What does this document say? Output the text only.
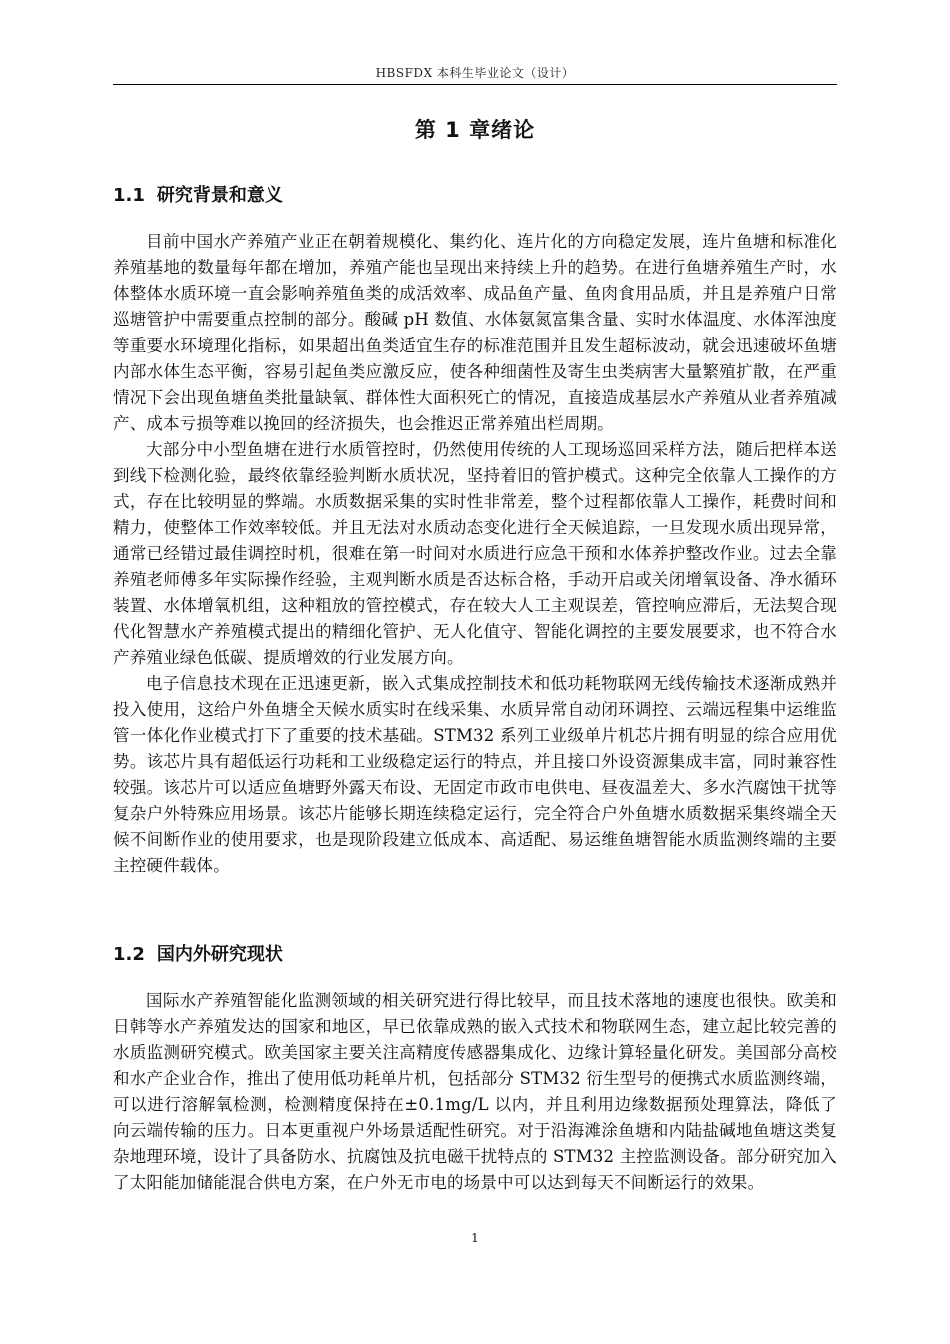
HBSFDX 本科生毕业论文（设计）
第 1 章绪论
1.1 研究背景和意义

目前中国水产养殖产业正在朝着规模化、集约化、连片化的方向稳定发展，连片鱼塘和标准化养殖基地的数量每年都在增加，养殖产能也呈现出来持续上升的趋势。在进行鱼塘养殖生产时，水体整体水质环境一直会影响养殖鱼类的成活效率、成品鱼产量、鱼肉食用品质，并且是养殖户日常巡塘管护中需要重点控制的部分。酸碱 pH 数值、水体氨氮富集含量、实时水体温度、水体浑浊度等重要水环境理化指标，如果超出鱼类适宜生存的标准范围并且发生超标波动，就会迅速破坏鱼塘内部水体生态平衡，容易引起鱼类应激反应，使各种细菌性及寄生虫类病害大量繁殖扩散，在严重情况下会出现鱼塘鱼类批量缺氧、群体性大面积死亡的情况，直接造成基层水产养殖从业者养殖减产、成本亏损等难以挽回的经济损失，也会推迟正常养殖出栏周期。

大部分中小型鱼塘在进行水质管控时，仍然使用传统的人工现场巡回采样方法，随后把样本送到线下检测化验，最终依靠经验判断水质状况，坚持着旧的管护模式。这种完全依靠人工操作的方式，存在比较明显的弊端。水质数据采集的实时性非常差，整个过程都依靠人工操作，耗费时间和精力，使整体工作效率较低。并且无法对水质动态变化进行全天候追踪，一旦发现水质出现异常，通常已经错过最佳调控时机，很难在第一时间对水质进行应急干预和水体养护整改作业。过去全靠养殖老师傅多年实际操作经验，主观判断水质是否达标合格，手动开启或关闭增氧设备、净水循环装置、水体增氧机组，这种粗放的管控模式，存在较大人工主观误差，管控响应滞后，无法契合现代化智慧水产养殖模式提出的精细化管护、无人化值守、智能化调控的主要发展要求，也不符合水产养殖业绿色低碳、提质增效的行业发展方向。

电子信息技术现在正迅速更新，嵌入式集成控制技术和低功耗物联网无线传输技术逐渐成熟并投入使用，这给户外鱼塘全天候水质实时在线采集、水质异常自动闭环调控、云端远程集中运维监管一体化作业模式打下了重要的技术基础。STM32 系列工业级单片机芯片拥有明显的综合应用优势。该芯片具有超低运行功耗和工业级稳定运行的特点，并且接口外设资源集成丰富，同时兼容性较强。该芯片可以适应鱼塘野外露天布设、无固定市政市电供电、昼夜温差大、多水汽腐蚀干扰等复杂户外特殊应用场景。该芯片能够长期连续稳定运行，完全符合户外鱼塘水质数据采集终端全天候不间断作业的使用要求，也是现阶段建立低成本、高适配、易运维鱼塘智能水质监测终端的主要主控硬件载体。

1.2 国内外研究现状

国际水产养殖智能化监测领域的相关研究进行得比较早，而且技术落地的速度也很快。欧美和日韩等水产养殖发达的国家和地区，早已依靠成熟的嵌入式技术和物联网生态，建立起比较完善的水质监测研究模式。欧美国家主要关注高精度传感器集成化、边缘计算轻量化研发。美国部分高校和水产企业合作，推出了使用低功耗单片机，包括部分 STM32 衍生型号的便携式水质监测终端，可以进行溶解氧检测，检测精度保持在±0.1mg/L 以内，并且利用边缘数据预处理算法，降低了向云端传输的压力。日本更重视户外场景适配性研究。对于沿海滩涂鱼塘和内陆盐碱地鱼塘这类复杂地理环境，设计了具备防水、抗腐蚀及抗电磁干扰特点的 STM32 主控监测设备。部分研究加入了太阳能加储能混合供电方案，在户外无市电的场景中可以达到每天不间断运行的效果。

1
